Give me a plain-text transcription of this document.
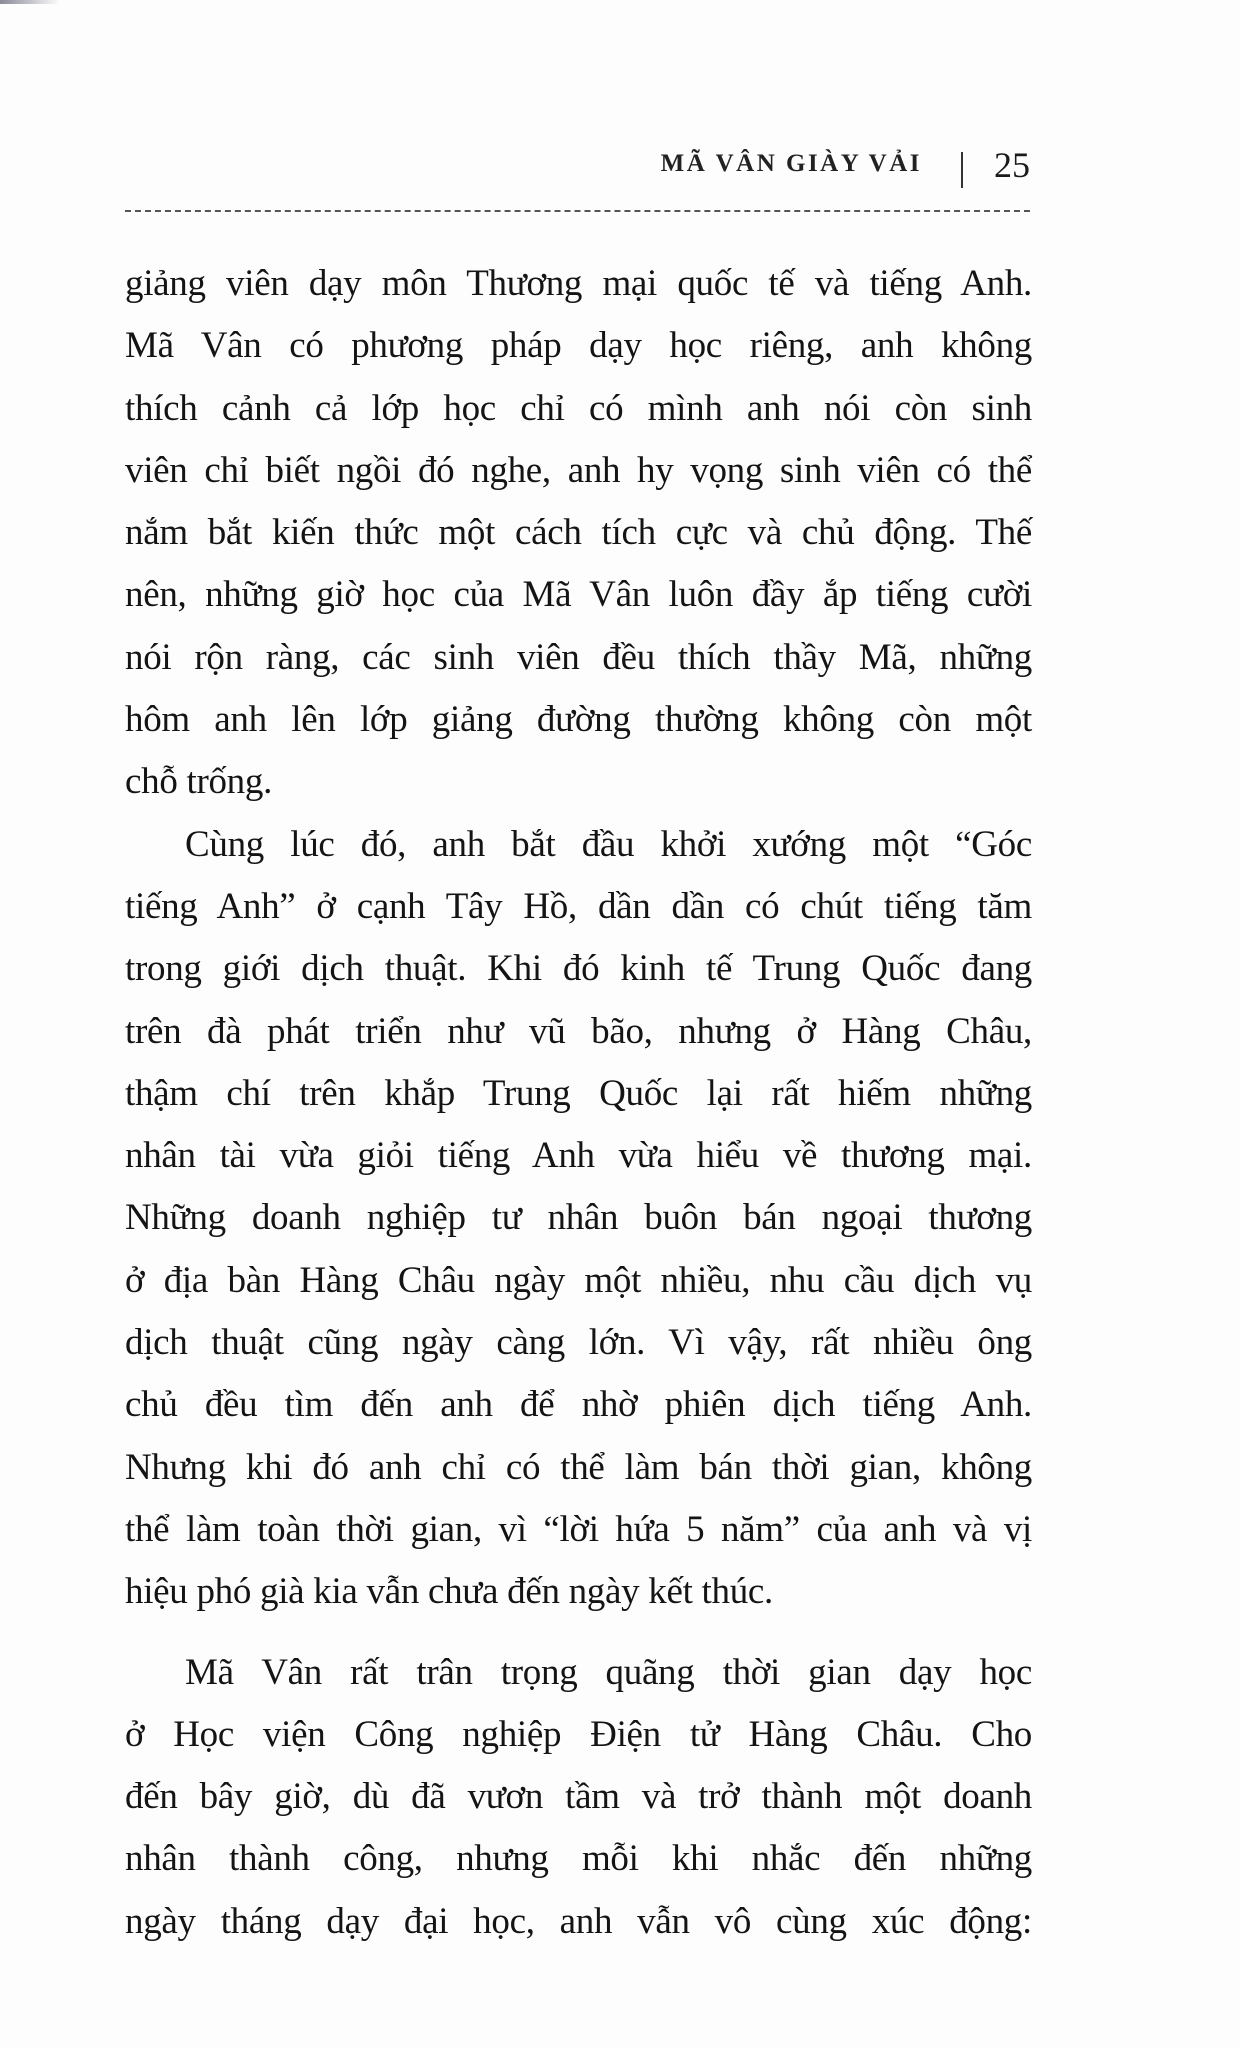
MÃ VÂN GIÀY VẢI 25

giảng viên dạy môn Thương mại quốc tế và tiếng Anh.

Mã Vân có phương pháp dạy học riêng, anh không

thích cảnh cả lớp học chỉ có mình anh nói còn sinh

viên chỉ biết ngồi đó nghe, anh hy vọng sinh viên có thể

nắm bắt kiến thức một cách tích cực và chủ động. Thế

nên, những giờ học của Mã Vân luôn đầy ắp tiếng cười

nói rộn ràng, các sinh viên đều thích thầy Mã, những

hôm anh lên lớp giảng đường thường không còn một

chỗ trống.

Cùng lúc đó, anh bắt đầu khởi xướng một “Góc

tiếng Anh” ở cạnh Tây Hồ, dần dần có chút tiếng tăm

trong giới dịch thuật. Khi đó kinh tế Trung Quốc đang

trên đà phát triển như vũ bão, nhưng ở Hàng Châu,

thậm chí trên khắp Trung Quốc lại rất hiếm những

nhân tài vừa giỏi tiếng Anh vừa hiểu về thương mại.

Những doanh nghiệp tư nhân buôn bán ngoại thương

ở địa bàn Hàng Châu ngày một nhiều, nhu cầu dịch vụ

dịch thuật cũng ngày càng lớn. Vì vậy, rất nhiều ông

chủ đều tìm đến anh để nhờ phiên dịch tiếng Anh.

Nhưng khi đó anh chỉ có thể làm bán thời gian, không

thể làm toàn thời gian, vì “lời hứa 5 năm” của anh và vị

hiệu phó già kia vẫn chưa đến ngày kết thúc.

Mã Vân rất trân trọng quãng thời gian dạy học

ở Học viện Công nghiệp Điện tử Hàng Châu. Cho

đến bây giờ, dù đã vươn tầm và trở thành một doanh

nhân thành công, nhưng mỗi khi nhắc đến những

ngày tháng dạy đại học, anh vẫn vô cùng xúc động:
